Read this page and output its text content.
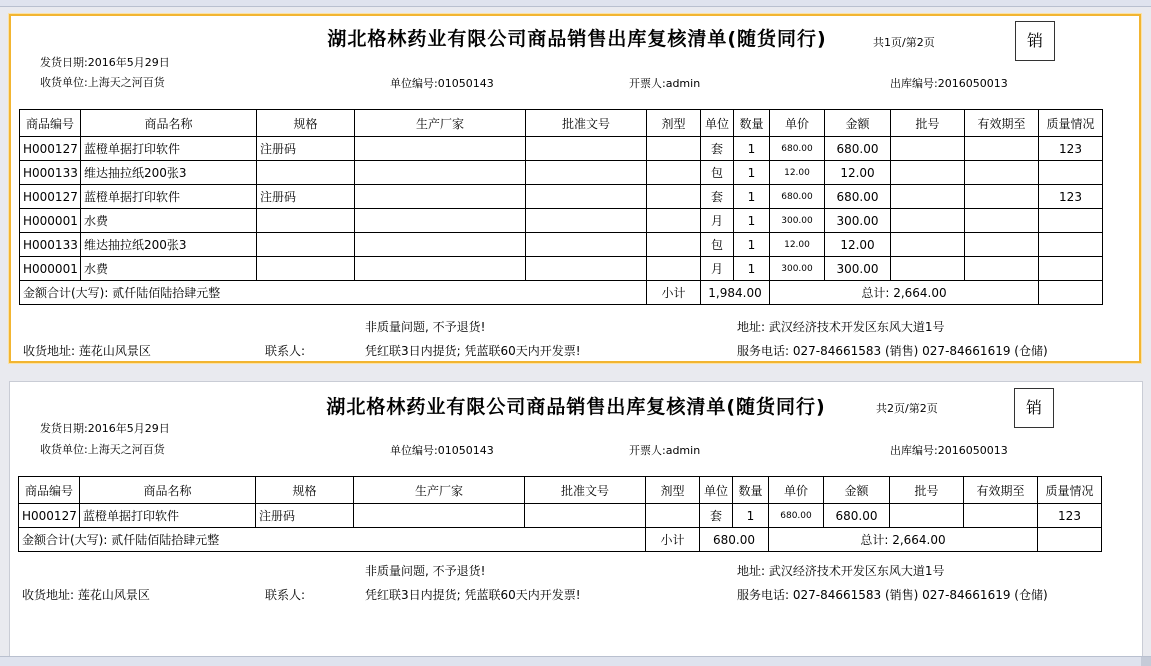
湖北格林药业有限公司商品销售出库复核清单(随货同行)	共1页/第2页	销
发货日期:2016年5月29日
收货单位:上海天之河百货	单位编号:01050143	开票人:admin	出库编号:2016050013
商品编号	商品名称	规格	生产厂家	批准文号	剂型	单位	数量	单价	金额	批号	有效期至	质量情况
H000127	蓝橙单据打印软件	注册码				套	1	680.00	680.00			123
H000133	维达抽拉纸200张3					包	1	12.00	12.00			
H000127	蓝橙单据打印软件	注册码				套	1	680.00	680.00			123
H000001	水费					月	1	300.00	300.00			
H000133	维达抽拉纸200张3					包	1	12.00	12.00			
H000001	水费					月	1	300.00	300.00			
金额合计(大写): 贰仟陆佰陆拾肆元整					小计	1,984.00		总计: 2,664.00				
非质量问题, 不予退货!	地址: 武汉经济技术开发区东风大道1号
收货地址: 莲花山风景区	联系人:	凭红联3日内提货; 凭蓝联60天内开发票!	服务电话: 027-84661583 (销售) 027-84661619 (仓储)
湖北格林药业有限公司商品销售出库复核清单(随货同行)	共2页/第2页	销
发货日期:2016年5月29日
收货单位:上海天之河百货	单位编号:01050143	开票人:admin	出库编号:2016050013
商品编号	商品名称	规格	生产厂家	批准文号	剂型	单位	数量	单价	金额	批号	有效期至	质量情况
H000127	蓝橙单据打印软件	注册码				套	1	680.00	680.00			123
金额合计(大写): 贰仟陆佰陆拾肆元整					小计	680.00		总计: 2,664.00				
非质量问题, 不予退货!	地址: 武汉经济技术开发区东风大道1号
收货地址: 莲花山风景区	联系人:	凭红联3日内提货; 凭蓝联60天内开发票!	服务电话: 027-84661583 (销售) 027-84661619 (仓储)
